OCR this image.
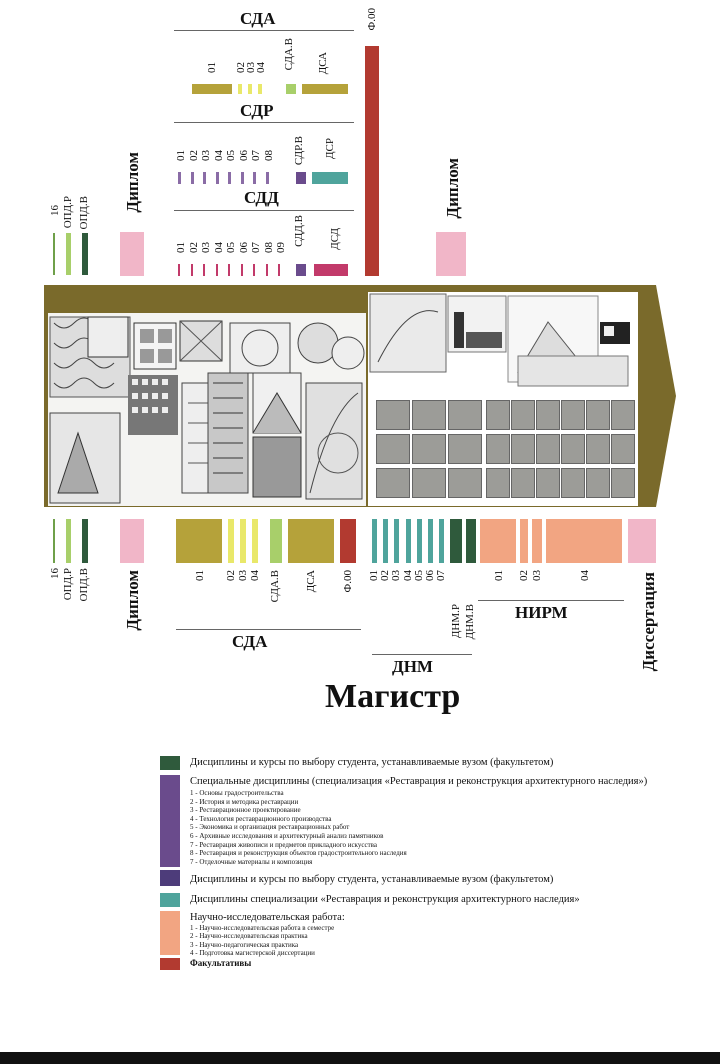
16 ОПД.Р ОПД.В
Диплом
СДА
01 02
03
04 СДА.В ДСА
СДР
01 02 03 04 05 06 07 08 СДР.В ДСР
СДД
01 02 03 04 05 06 07 08 09
СДД.В ДСД
Ф.00
Диплом
16 ОПД.Р ОПД.В Диплом	01 02 03 04 СДА.В ДСА Ф.00
СДА
01 02 03 04 05 06 07
ДНМ.Р ДНМ.В
ДНМ
01 02 03	04
НИРМ	Диссертация
Магистр
Дисциплины и курсы по выбору студента, устанавливаемые вузом (факультетом)
Специальные дисциплины (специализация «Реставрация и реконструкция архитектурного наследия»)
1 - Основы градостроительства
2 - История и методика реставрации
3 - Реставрационное проектирование
4 - Технология реставрационного производства
5 - Экономика и организация реставрационных работ
6 - Архивные исследования и архитектурный анализ памятников
7 - Реставрация живописи и предметов прикладного искусства
8 - Реставрация и реконструкция объектов градостроительного наследия
7 - Отделочные материалы и композиция
Дисциплины и курсы по выбору студента, устанавливаемые вузом (факультетом)
Дисциплины специализации «Реставрация и реконструкция архитектурного наследия»
Научно-исследовательская работа:
1 - Научно-исследовательская работа в семестре
2 - Научно-исследовательская практика
3 - Научно-педагогическая практика
4 - Подготовка магистерской диссертации
Факультативы
